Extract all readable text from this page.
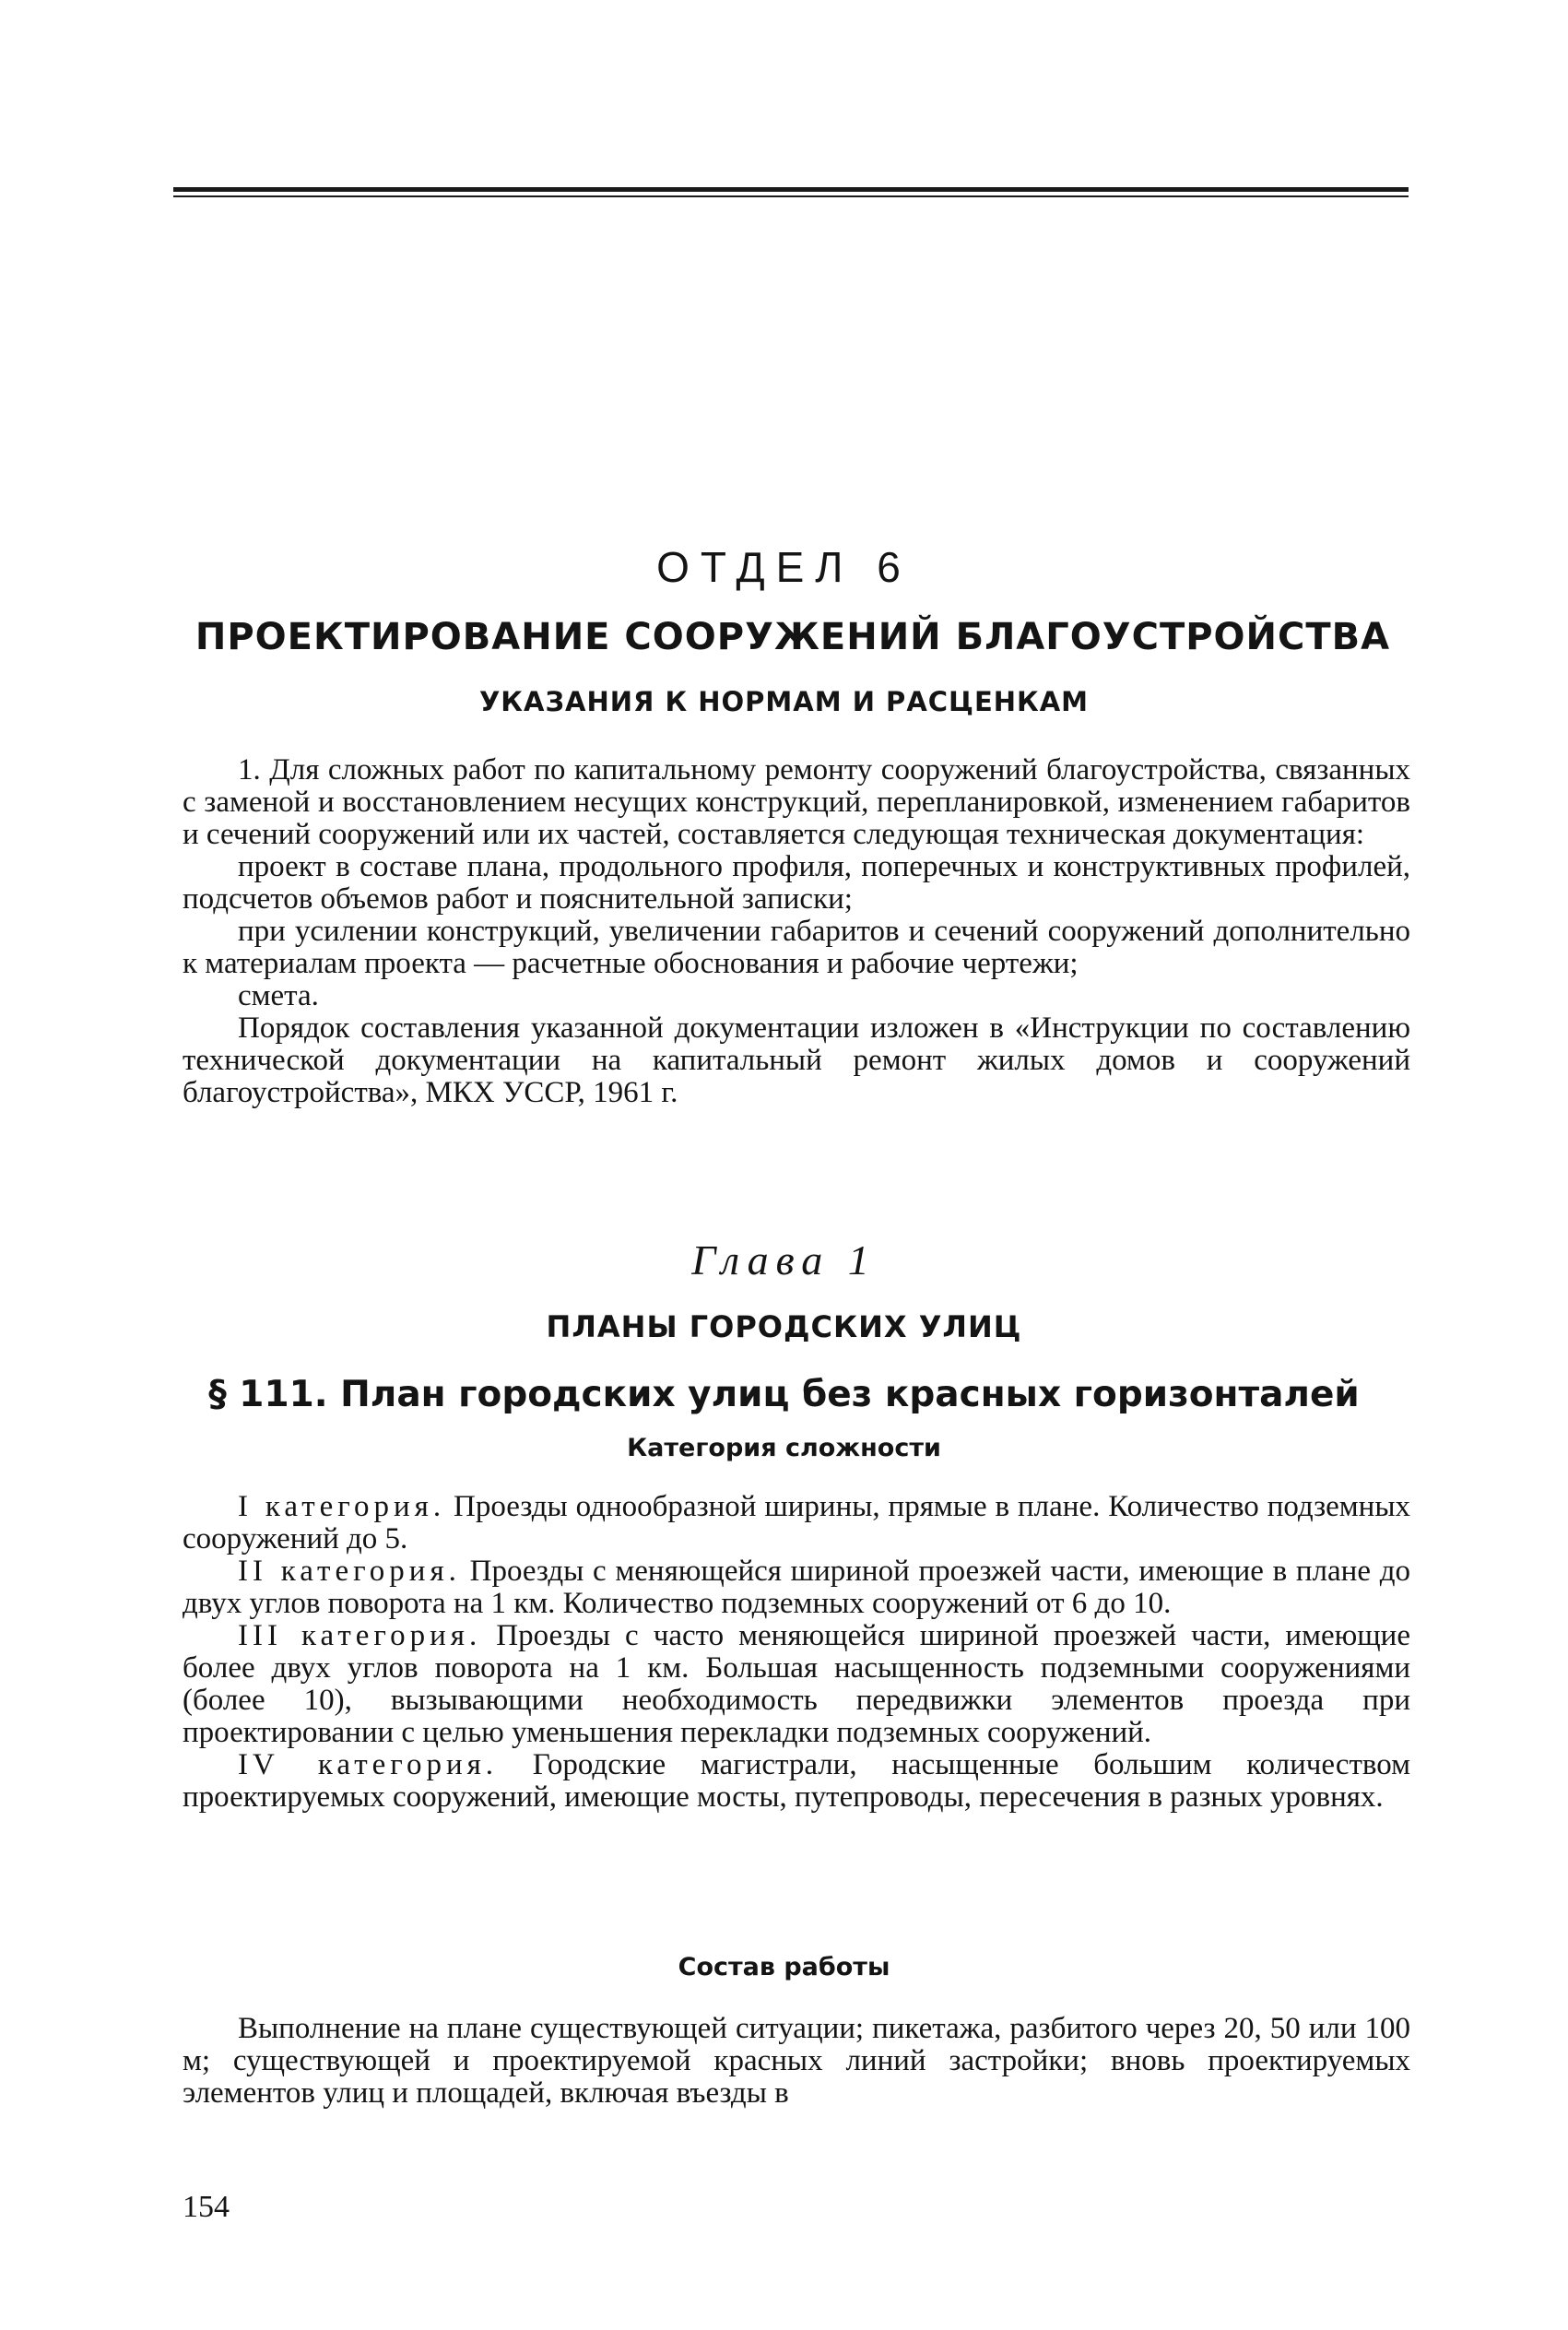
ОТДЕЛ 6
ПРОЕКТИРОВАНИЕ СООРУЖЕНИЙ БЛАГОУСТРОЙСТВА
УКАЗАНИЯ К НОРМАМ И РАСЦЕНКАМ

1. Для сложных работ по капитальному ремонту сооружений благоустройства, связанных с заменой и восстановлением несущих конструкций, перепланировкой, изменением габаритов и сечений сооружений или их частей, составляется следующая техническая документация:

проект в составе плана, продольного профиля, поперечных и конструктивных профилей, подсчетов объемов работ и пояснительной записки;

при усилении конструкций, увеличении габаритов и сечений сооружений дополнительно к материалам проекта — расчетные обоснования и рабочие чертежи;

смета.

Порядок составления указанной документации изложен в «Инструкции по составлению технической документации на капитальный ремонт жилых домов и сооружений благоустройства», МКХ УССР, 1961 г.

Глава 1
ПЛАНЫ ГОРОДСКИХ УЛИЦ
§ 111. План городских улиц без красных горизонталей
Категория сложности

I категория. Проезды однообразной ширины, прямые в плане. Количество подземных сооружений до 5.

II категория. Проезды с меняющейся шириной проезжей части, имеющие в плане до двух углов поворота на 1 км. Количество подземных сооружений от 6 до 10.

III категория. Проезды с часто меняющейся шириной проезжей части, имеющие более двух углов поворота на 1 км. Большая насыщенность подземными сооружениями (более 10), вызывающими необходимость передвижки элементов проезда при проектировании с целью уменьшения перекладки подземных сооружений.

IV категория. Городские магистрали, насыщенные большим количеством проектируемых сооружений, имеющие мосты, путепроводы, пересечения в разных уровнях.

Состав работы

Выполнение на плане существующей ситуации; пикетажа, разбитого через 20, 50 или 100 м; существующей и проектируемой красных линий застройки; вновь проектируемых элементов улиц и площадей, включая въезды в

154
